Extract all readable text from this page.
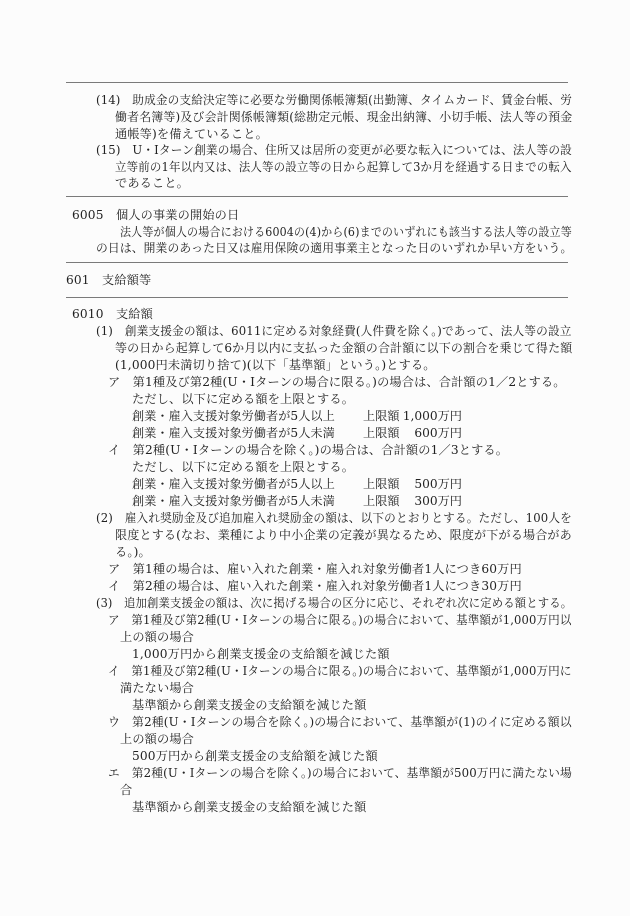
(14)　助成金の支給決定等に必要な労働関係帳簿類(出勤簿、タイムカード、賃金台帳、労
働者名簿等)及び会計関係帳簿類(総勘定元帳、現金出納簿、小切手帳、法人等の預金
通帳等)を備えていること。
(15)　U・Iターン創業の場合、住所又は居所の変更が必要な転入については、法人等の設
立等前の1年以内又は、法人等の設立等の日から起算して3か月を経過する日までの転入
であること。
6005　個人の事業の開始の日
法人等が個人の場合における6004の(4)から(6)までのいずれにも該当する法人等の設立等
の日は、開業のあった日又は雇用保険の適用事業主となった日のいずれか早い方をいう。
601　支給額等
6010　支給額
(1)　創業支援金の額は、6011に定める対象経費(人件費を除く。)であって、法人等の設立
等の日から起算して6か月以内に支払った金額の合計額に以下の割合を乗じて得た額
(1,000円未満切り捨て)(以下「基準額」という。)とする。
ア　第1種及び第2種(U・Iターンの場合に限る。)の場合は、合計額の1／2とする。
ただし、以下に定める額を上限とする。
創業・雇入支援対象労働者が5人以上 上限額 1,000万円
創業・雇入支援対象労働者が5人未満 上限額	600万円
イ　第2種(U・Iターンの場合を除く。)の場合は、合計額の1／3とする。
ただし、以下に定める額を上限とする。
創業・雇入支援対象労働者が5人以上 上限額	500万円
創業・雇入支援対象労働者が5人未満 上限額	300万円
(2)　雇入れ奨励金及び追加雇入れ奨励金の額は、以下のとおりとする。ただし、100人を
限度とする(なお、業種により中小企業の定義が異なるため、限度が下がる場合があ
る。)。
ア　第1種の場合は、雇い入れた創業・雇入れ対象労働者1人につき60万円
イ　第2種の場合は、雇い入れた創業・雇入れ対象労働者1人につき30万円
(3)　追加創業支援金の額は、次に掲げる場合の区分に応じ、それぞれ次に定める額とする。
ア　第1種及び第2種(U・Iターンの場合に限る。)の場合において、基準額が1,000万円以
上の額の場合
1,000万円から創業支援金の支給額を減じた額
イ　第1種及び第2種(U・Iターンの場合に限る。)の場合において、基準額が1,000万円に
満たない場合
基準額から創業支援金の支給額を減じた額
ウ　第2種(U・Iターンの場合を除く。)の場合において、基準額が(1)のイに定める額以
上の額の場合
500万円から創業支援金の支給額を減じた額
エ　第2種(U・Iターンの場合を除く。)の場合において、基準額が500万円に満たない場
合
基準額から創業支援金の支給額を減じた額
